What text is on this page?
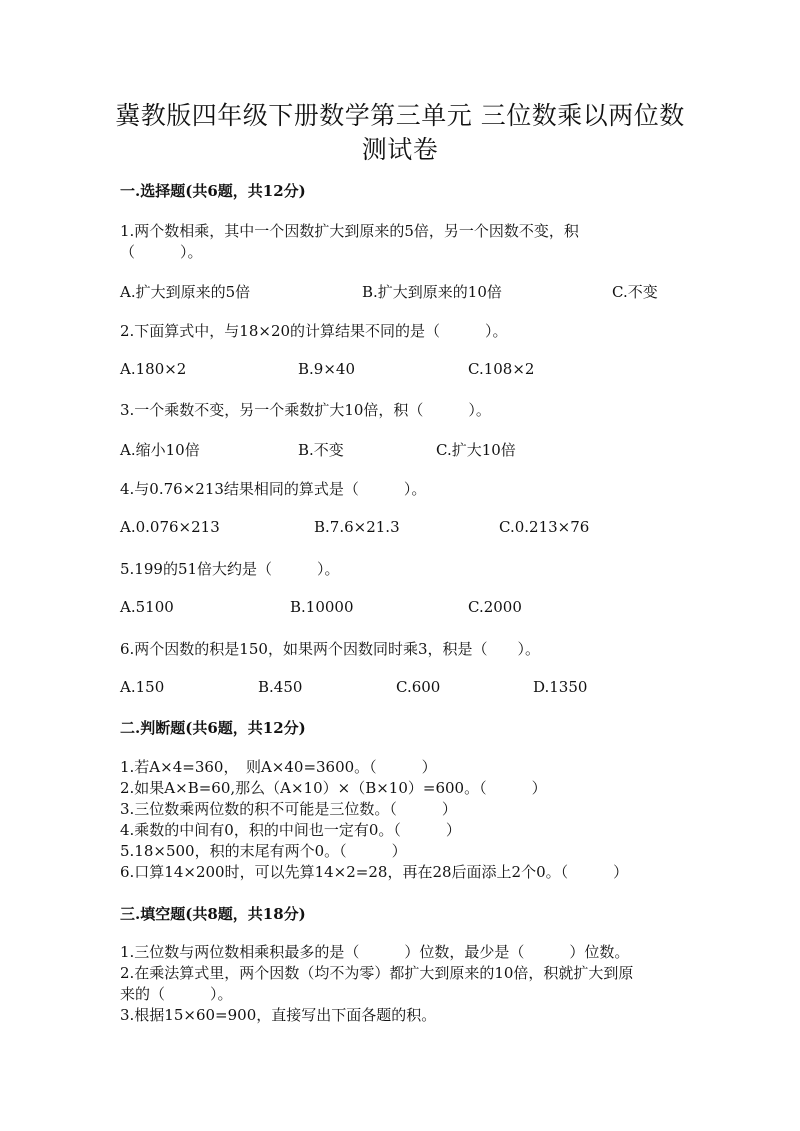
冀教版四年级下册数学第三单元 三位数乘以两位数
测试卷
一.选择题(共6题，共12分)
1.两个数相乘，其中一个因数扩大到原来的5倍，另一个因数不变，积
（　　　）。
A.扩大到原来的5倍	B.扩大到原来的10倍	C.不变
2.下面算式中，与18×20的计算结果不同的是（　　　）。
A.180×2	B.9×40	C.108×2
3.一个乘数不变，另一个乘数扩大10倍，积（　　　）。
A.缩小10倍	B.不变	C.扩大10倍
4.与0.76×213结果相同的算式是（　　　）。
A.0.076×213	B.7.6×21.3	C.0.213×76
5.199的51倍大约是（　　　）。
A.5100	B.10000	C.2000
6.两个因数的积是150，如果两个因数同时乘3，积是（　　）。
A.150	B.450	C.600	D.1350
二.判断题(共6题，共12分)
1.若A×4=360，　则A×40=3600。（　　　）
2.如果A×B=60,那么（A×10）×（B×10）=600。（　　　）
3.三位数乘两位数的积不可能是三位数。（　　　）
4.乘数的中间有0，积的中间也一定有0。（　　　）
5.18×500，积的末尾有两个0。（　　　）
6.口算14×200时，可以先算14×2=28，再在28后面添上2个0。（　　　）
三.填空题(共8题，共18分)
1.三位数与两位数相乘积最多的是（　　　）位数，最少是（　　　）位数。
2.在乘法算式里，两个因数（均不为零）都扩大到原来的10倍，积就扩大到原
来的（　　　）。
3.根据15×60=900，直接写出下面各题的积。
